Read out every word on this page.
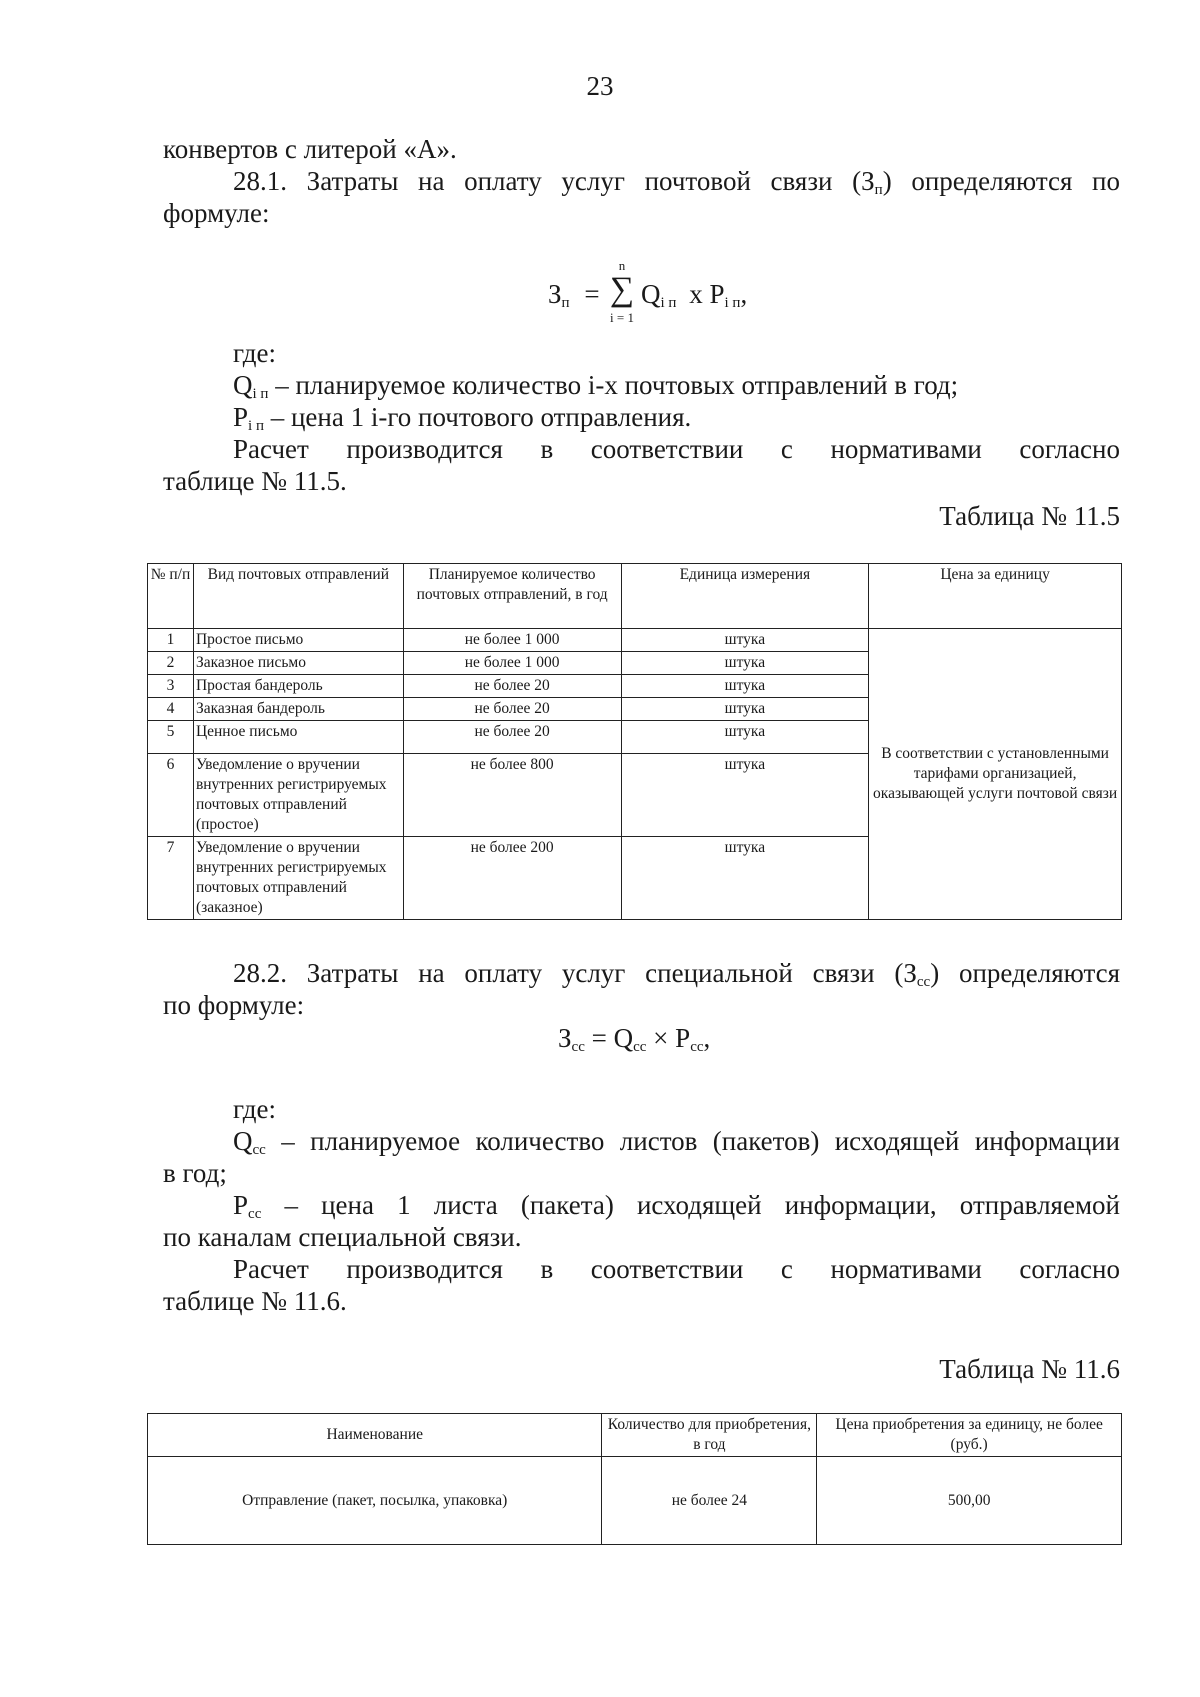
23
конвертов с литерой «А».
28.1. Затраты на оплату услуг почтовой связи $(З_п)$ определяются по
формуле:
$З_п$ =
n
∑
i = 1
$Q_{i п}$ x $P_{i п}$,
где:
$Q_{i п}$ – планируемое количество i-х почтовых отправлений в год;
$P_{i п}$ – цена 1 i-го почтового отправления.
Расчет производится в соответствии с нормативами согласно
таблице № 11.5.
Таблица № 11.5
№ п/п	Вид почтовых отправлений	Планируемое количество почтовых отправлений, в год	Единица измерения	Цена за единицу
1	Простое письмо	не более 1 000	штука	В соответствии с установленными тарифами организацией, оказывающей услуги почтовой связи
2	Заказное письмо	не более 1 000	штука	
3	Простая бандероль	не более 20	штука	
4	Заказная бандероль	не более 20	штука	
5	Ценное письмо	не более 20	штука	
6	Уведомление о вручении внутренних регистрируемых почтовых отправлений (простое)	не более 800	штука	
7	Уведомление о вручении внутренних регистрируемых почтовых отправлений (заказное)	не более 200	штука	
28.2. Затраты на оплату услуг специальной связи $(З_{сс})$ определяются
по формуле:
$З_{сс} = Q_{сс} \times P_{сс}$,
где:
$Q_{сс}$ – планируемое количество листов (пакетов) исходящей информации
в год;
$P_{сс}$ – цена 1 листа (пакета) исходящей информации, отправляемой
по каналам специальной связи.
Расчет производится в соответствии с нормативами согласно
таблице № 11.6.
Таблица № 11.6
Наименование	Количество для приобретения, в год	Цена приобретения за единицу, не более (руб.)
Отправление (пакет, посылка, упаковка)	не более 24	500,00
